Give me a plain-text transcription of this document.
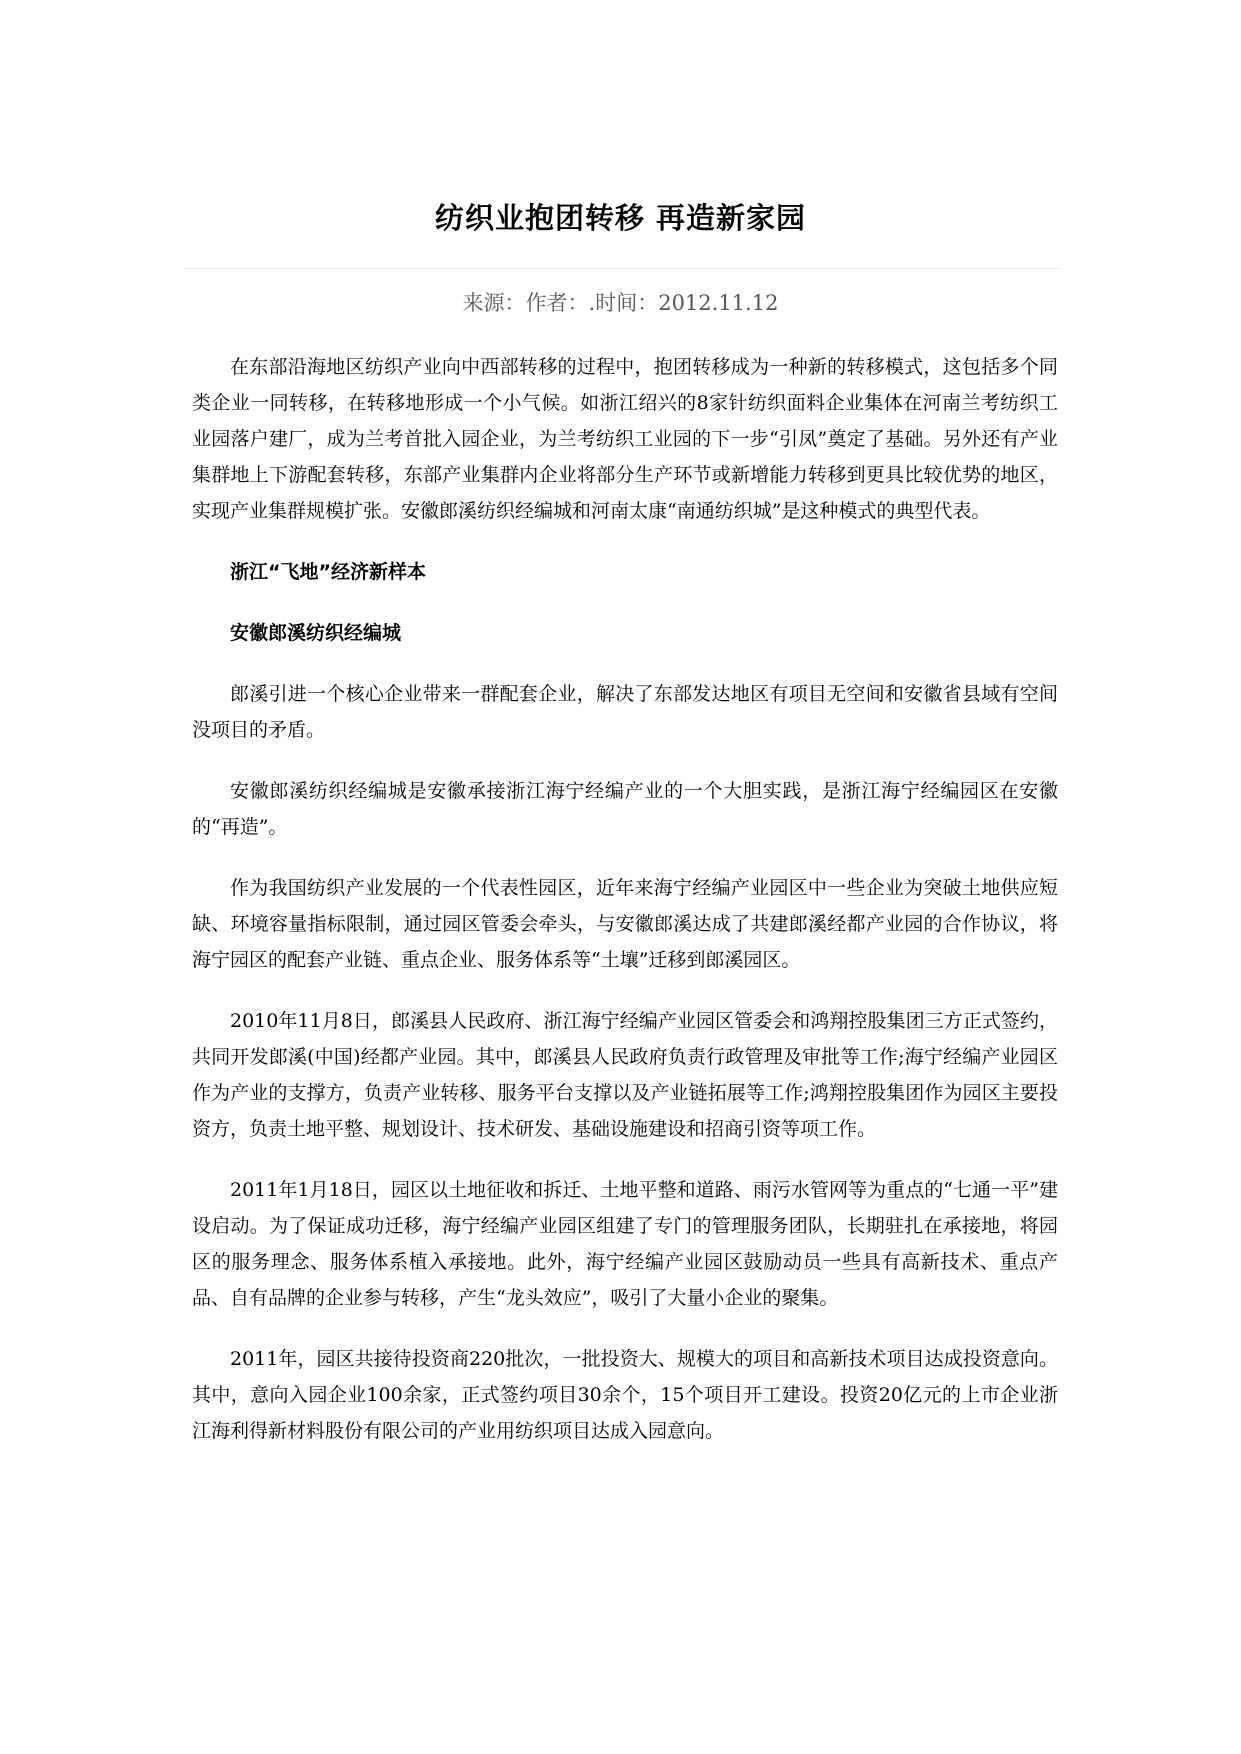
纺织业抱团转移 再造新家园
来源：作者：.时间：2012.11.12

在东部沿海地区纺织产业向中西部转移的过程中，抱团转移成为一种新的转移模式，这包括多个同类企业一同转移，在转移地形成一个小气候。如浙江绍兴的8家针纺织面料企业集体在河南兰考纺织工业园落户建厂，成为兰考首批入园企业，为兰考纺织工业园的下一步“引凤”奠定了基础。另外还有产业集群地上下游配套转移，东部产业集群内企业将部分生产环节或新增能力转移到更具比较优势的地区，实现产业集群规模扩张。安徽郎溪纺织经编城和河南太康“南通纺织城”是这种模式的典型代表。

浙江“飞地”经济新样本

安徽郎溪纺织经编城

郎溪引进一个核心企业带来一群配套企业，解决了东部发达地区有项目无空间和安徽省县域有空间没项目的矛盾。

安徽郎溪纺织经编城是安徽承接浙江海宁经编产业的一个大胆实践，是浙江海宁经编园区在安徽的“再造”。

作为我国纺织产业发展的一个代表性园区，近年来海宁经编产业园区中一些企业为突破土地供应短缺、环境容量指标限制，通过园区管委会牵头，与安徽郎溪达成了共建郎溪经都产业园的合作协议，将海宁园区的配套产业链、重点企业、服务体系等“土壤”迁移到郎溪园区。

2010年11月8日，郎溪县人民政府、浙江海宁经编产业园区管委会和鸿翔控股集团三方正式签约，共同开发郎溪(中国)经都产业园。其中，郎溪县人民政府负责行政管理及审批等工作;海宁经编产业园区作为产业的支撑方，负责产业转移、服务平台支撑以及产业链拓展等工作;鸿翔控股集团作为园区主要投资方，负责土地平整、规划设计、技术研发、基础设施建设和招商引资等项工作。

2011年1月18日，园区以土地征收和拆迁、土地平整和道路、雨污水管网等为重点的“七通一平”建设启动。为了保证成功迁移，海宁经编产业园区组建了专门的管理服务团队，长期驻扎在承接地，将园区的服务理念、服务体系植入承接地。此外，海宁经编产业园区鼓励动员一些具有高新技术、重点产品、自有品牌的企业参与转移，产生“龙头效应”，吸引了大量小企业的聚集。

2011年，园区共接待投资商220批次，一批投资大、规模大的项目和高新技术项目达成投资意向。其中，意向入园企业100余家，正式签约项目30余个，15个项目开工建设。投资20亿元的上市企业浙江海利得新材料股份有限公司的产业用纺织项目达成入园意向。
